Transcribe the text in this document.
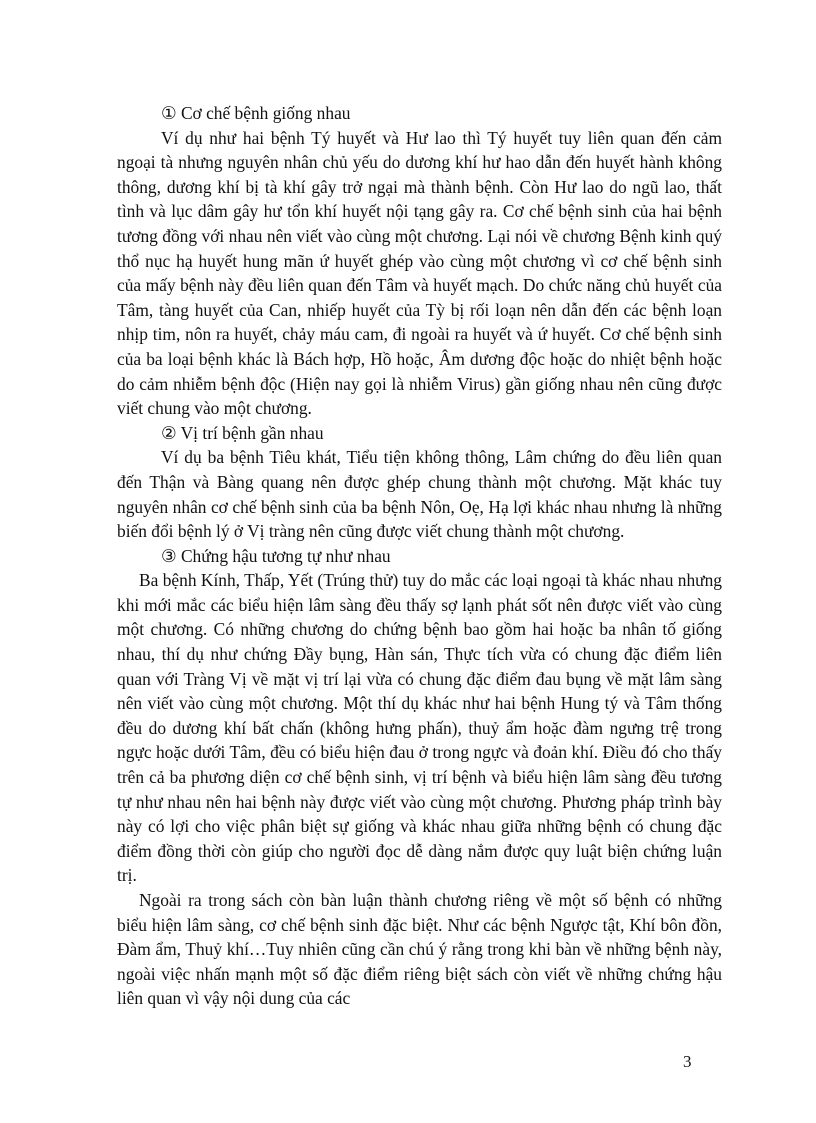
① Cơ chế bệnh giống nhau

Ví dụ như hai bệnh Tý huyết và Hư lao thì Tý huyết tuy liên quan đến cảm ngoại tà nhưng nguyên nhân chủ yếu do dương khí hư hao dẫn đến huyết hành không thông, dương khí bị tà khí gây trở ngại mà thành bệnh. Còn Hư lao do ngũ lao, thất tình và lục dâm gây hư tổn khí huyết nội tạng gây ra. Cơ chế bệnh sinh của hai bệnh tương đồng với nhau nên viết vào cùng một chương. Lại nói về chương Bệnh kinh quý thổ nục hạ huyết hung mãn ứ huyết ghép vào cùng một chương vì cơ chế bệnh sinh của mấy bệnh này đều liên quan đến Tâm và huyết mạch. Do chức năng chủ huyết của Tâm, tàng huyết của Can, nhiếp huyết của Tỳ bị rối loạn nên dẫn đến các bệnh loạn nhịp tim, nôn ra huyết, chảy máu cam, đi ngoài ra huyết và ứ huyết. Cơ chế bệnh sinh của ba loại bệnh khác là Bách hợp, Hồ hoặc, Âm dương độc hoặc do nhiệt bệnh hoặc do cảm nhiễm bệnh độc (Hiện nay gọi là nhiễm Virus) gần giống nhau nên cũng được viết chung vào một chương.

② Vị trí bệnh gần nhau

Ví dụ ba bệnh Tiêu khát, Tiểu tiện không thông, Lâm chứng do đều liên quan đến Thận và Bàng quang nên được ghép chung thành một chương. Mặt khác tuy nguyên nhân cơ chế bệnh sinh của ba bệnh Nôn, Oẹ, Hạ lợi khác nhau nhưng là những biến đổi bệnh lý ở Vị tràng nên cũng được viết chung thành một chương.

③ Chứng hậu tương tự như nhau

Ba bệnh Kính, Thấp, Yết (Trúng thử) tuy do mắc các loại ngoại tà khác nhau nhưng khi mới mắc các biểu hiện lâm sàng đều thấy sợ lạnh phát sốt nên được viết vào cùng một chương. Có những chương do chứng bệnh bao gồm hai hoặc ba nhân tố giống nhau, thí dụ như chứng Đầy bụng, Hàn sán, Thực tích vừa có chung đặc điểm liên quan với Tràng Vị về mặt vị trí lại vừa có chung đặc điểm đau bụng về mặt lâm sàng nên viết vào cùng một chương. Một thí dụ khác như hai bệnh Hung tý và Tâm thống đều do dương khí bất chấn (không hưng phấn), thuỷ ẩm hoặc đàm ngưng trệ trong ngực hoặc dưới Tâm, đều có biểu hiện đau ở trong ngực và đoản khí. Điều đó cho thấy trên cả ba phương diện cơ chế bệnh sinh, vị trí bệnh và biểu hiện lâm sàng đều tương tự như nhau nên hai bệnh này được viết vào cùng một chương. Phương pháp trình bày này có lợi cho việc phân biệt sự giống và khác nhau giữa những bệnh có chung đặc điểm đồng thời còn giúp cho người đọc dễ dàng nắm được quy luật biện chứng luận trị.

Ngoài ra trong sách còn bàn luận thành chương riêng về một số bệnh có những biểu hiện lâm sàng, cơ chế bệnh sinh đặc biệt. Như các bệnh Ngược tật, Khí bôn đồn, Đàm ẩm, Thuỷ khí…Tuy nhiên cũng cần chú ý rằng trong khi bàn về những bệnh này, ngoài việc nhấn mạnh một số đặc điểm riêng biệt sách còn viết về những chứng hậu liên quan vì vậy nội dung của các

3
